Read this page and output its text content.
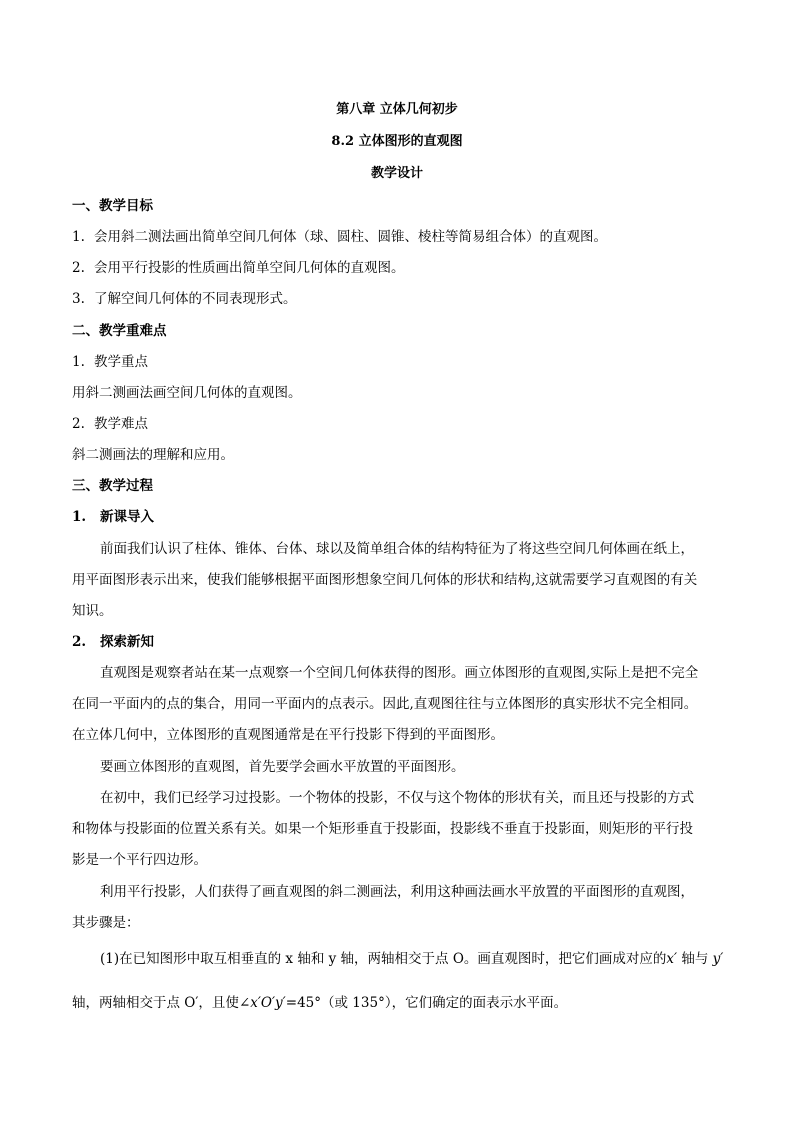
第八章 立体几何初步
8.2 立体图形的直观图
教学设计
一、教学目标
1. 会用斜二测法画出简单空间几何体（球、圆柱、圆锥、棱柱等简易组合体）的直观图。
2. 会用平行投影的性质画出简单空间几何体的直观图。
3. 了解空间几何体的不同表现形式。
二、教学重难点
1. 教学重点
用斜二测画法画空间几何体的直观图。
2. 教学难点
斜二测画法的理解和应用。
三、教学过程
1. 新课导入
前面我们认识了柱体、锥体、台体、球以及简单组合体的结构特征为了将这些空间几何体画在纸上，
用平面图形表示出来，使我们能够根据平面图形想象空间几何体的形状和结构,这就需要学习直观图的有关
知识。
2. 探索新知
直观图是观察者站在某一点观察一个空间几何体获得的图形。画立体图形的直观图,实际上是把不完全
在同一平面内的点的集合，用同一平面内的点表示。因此,直观图往往与立体图形的真实形状不完全相同。
在立体几何中，立体图形的直观图通常是在平行投影下得到的平面图形。
要画立体图形的直观图，首先要学会画水平放置的平面图形。
在初中，我们已经学习过投影。一个物体的投影，不仅与这个物体的形状有关，而且还与投影的方式
和物体与投影面的位置关系有关。如果一个矩形垂直于投影面，投影线不垂直于投影面，则矩形的平行投
影是一个平行四边形。
利用平行投影，人们获得了画直观图的斜二测画法，利用这种画法画水平放置的平面图形的直观图，
其步骤是：
(1)在已知图形中取互相垂直的 x 轴和 y 轴，两轴相交于点 O。画直观图时，把它们画成对应的x′ 轴与 y′
轴，两轴相交于点 O′，且使∠x′O′y′=45°（或 135°），它们确定的面表示水平面。
